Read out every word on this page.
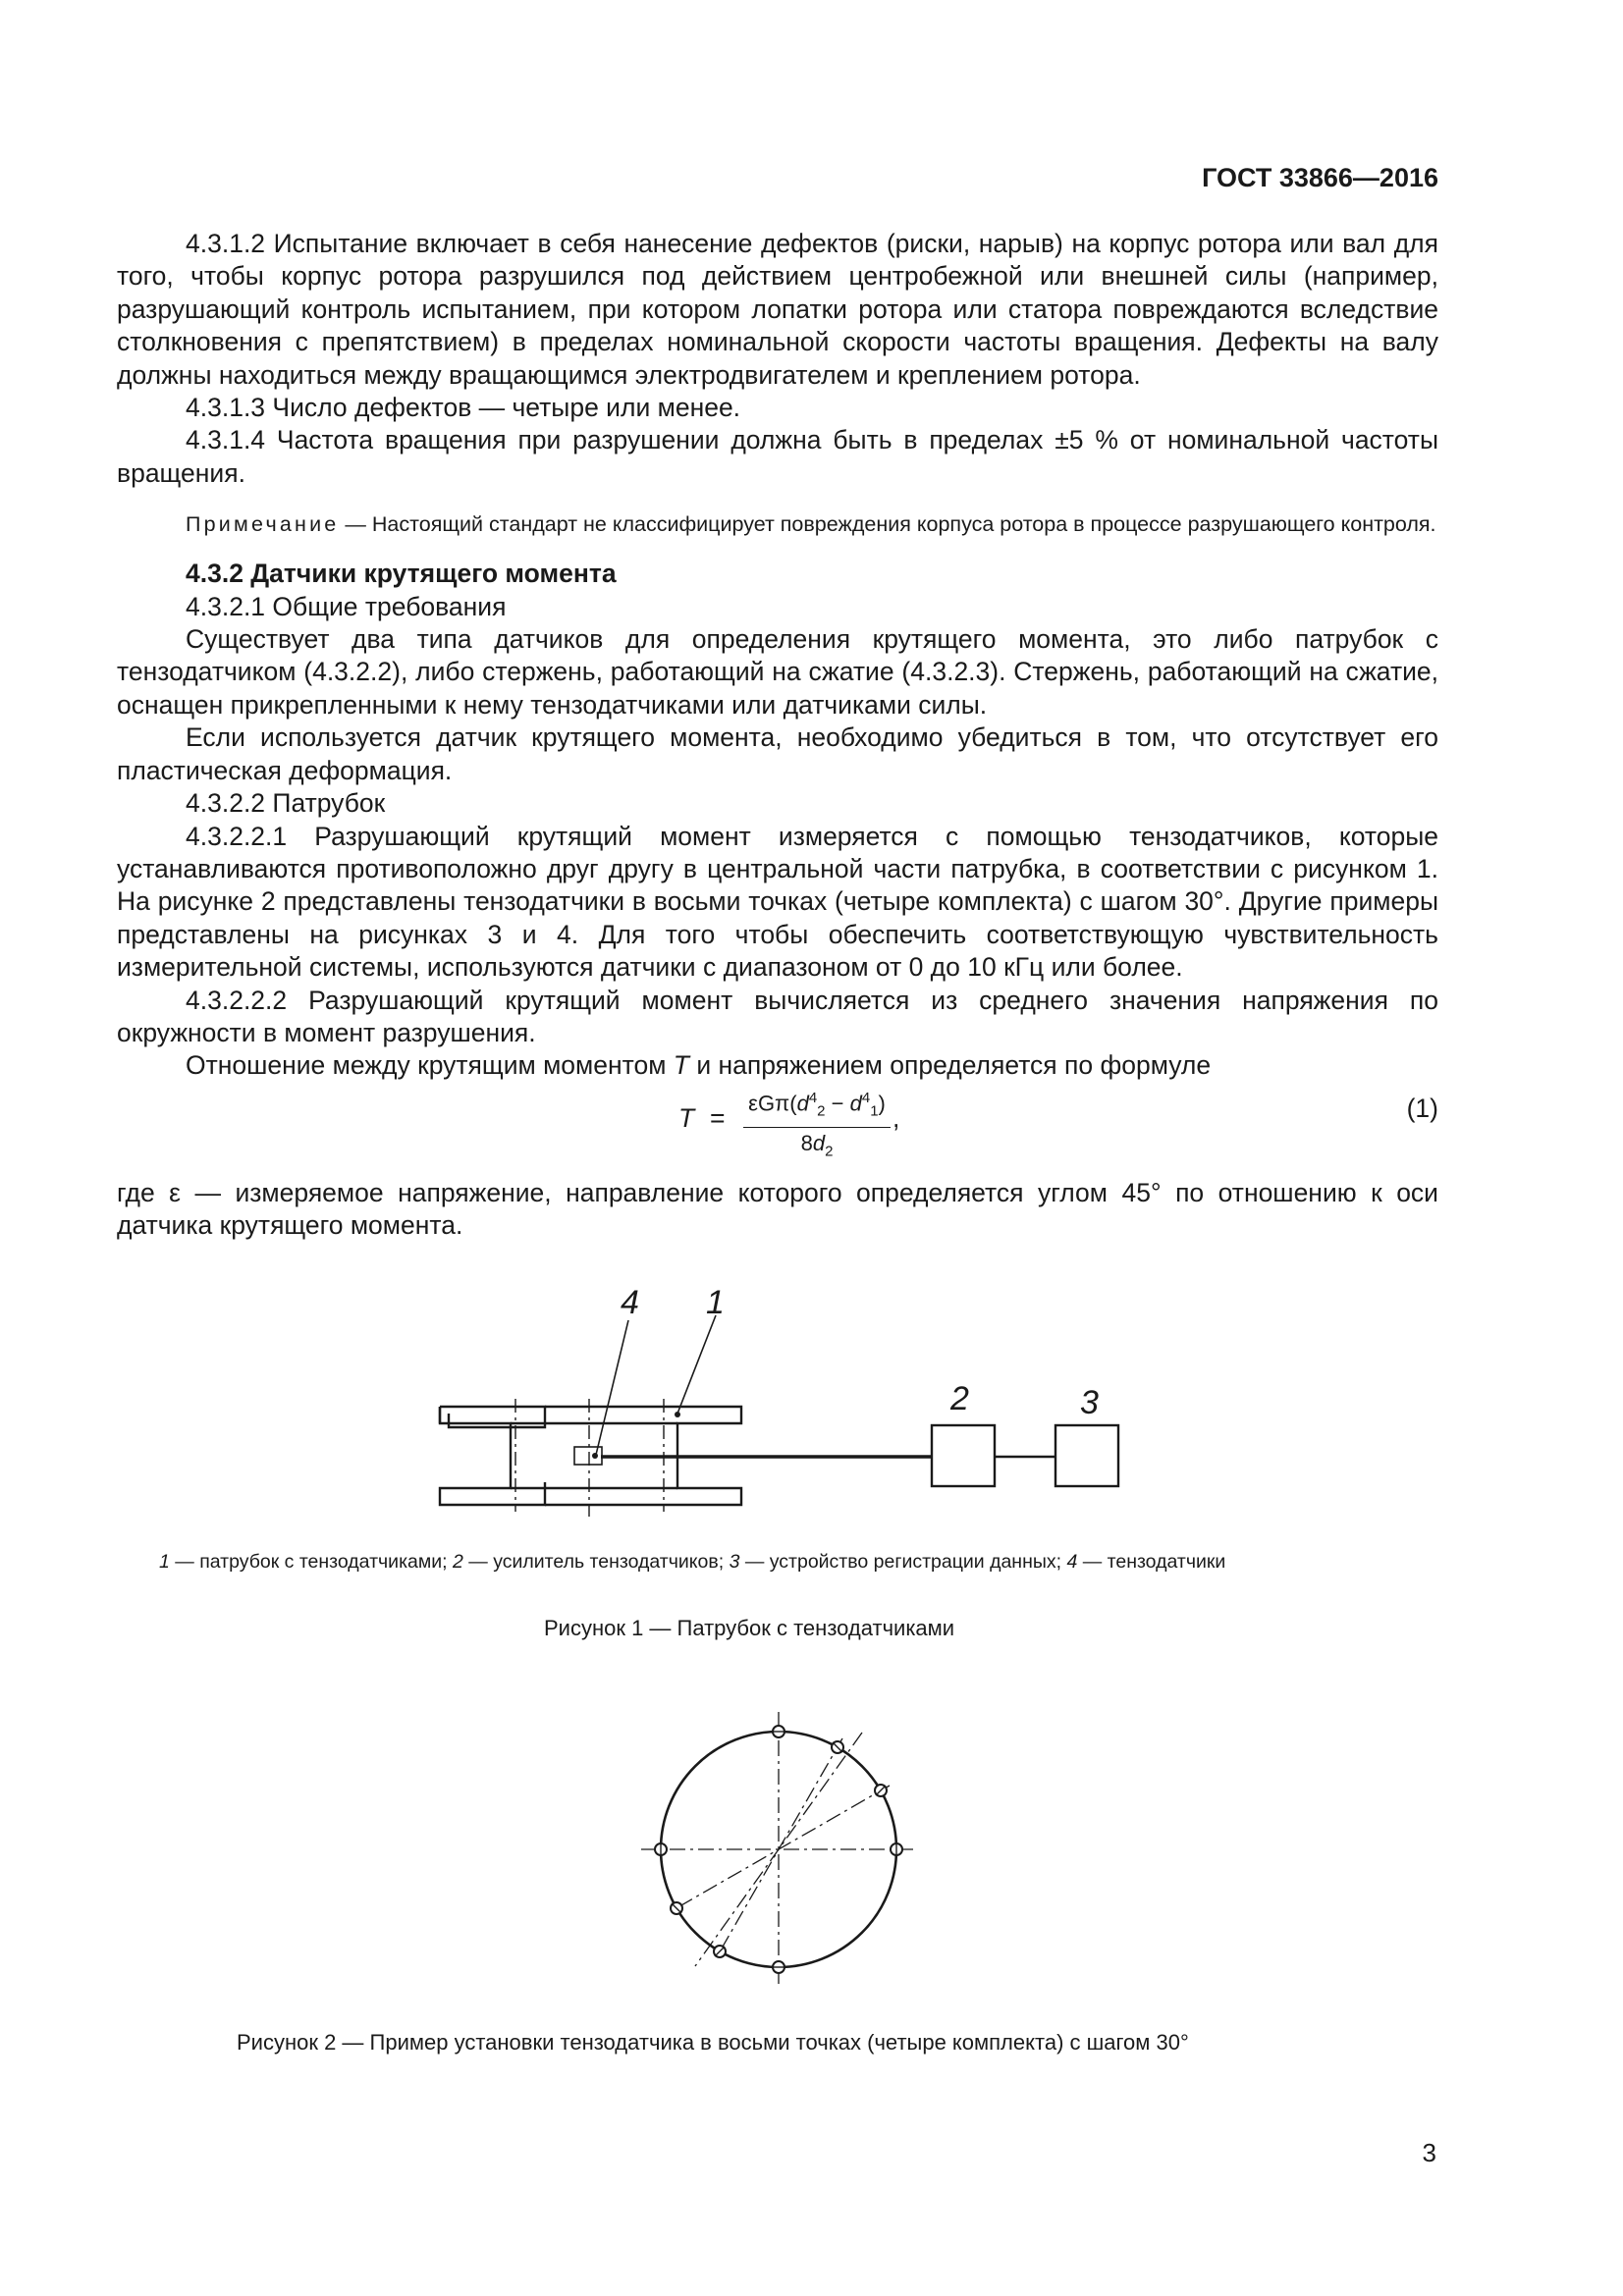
ГОСТ 33866—2016

4.3.1.2 Испытание включает в себя нанесение дефектов (риски, нарыв) на корпус ротора или вал для того, чтобы корпус ротора разрушился под действием центробежной или внешней силы (например, разрушающий контроль испытанием, при котором лопатки ротора или статора повреждаются вследствие столкновения с препятствием) в пределах номинальной скорости частоты вращения. Дефекты на валу должны находиться между вращающимся электродвигателем и креплением ротора.

4.3.1.3 Число дефектов — четыре или менее.

4.3.1.4 Частота вращения при разрушении должна быть в пределах ±5 % от номинальной частоты вращения.

Примечание — Настоящий стандарт не классифицирует повреждения корпуса ротора в процессе разрушающего контроля.

4.3.2 Датчики крутящего момента

4.3.2.1 Общие требования

Существует два типа датчиков для определения крутящего момента, это либо патрубок с тензодатчиком (4.3.2.2), либо стержень, работающий на сжатие (4.3.2.3). Стержень, работающий на сжатие, оснащен прикрепленными к нему тензодатчиками или датчиками силы.

Если используется датчик крутящего момента, необходимо убедиться в том, что отсутствует его пластическая деформация.

4.3.2.2 Патрубок

4.3.2.2.1 Разрушающий крутящий момент измеряется с помощью тензодатчиков, которые устанавливаются противоположно друг другу в центральной части патрубка, в соответствии с рисунком 1. На рисунке 2 представлены тензодатчики в восьми точках (четыре комплекта) с шагом 30°. Другие примеры представлены на рисунках 3 и 4. Для того чтобы обеспечить соответствующую чувствительность измерительной системы, используются датчики с диапазоном от 0 до 10 кГц или более.

4.3.2.2.2 Разрушающий крутящий момент вычисляется из среднего значения напряжения по окружности в момент разрушения.

Отношение между крутящим моментом T и напряжением определяется по формуле

T =
$\varepsilon G\pi(d^4_2 - d^4_1)$
$8d_2$
,	(1)

где ε — измеряемое напряжение, направление которого определяется углом 45° по отношению к оси датчика крутящего момента.

4 1
2	3
1 — патрубок с тензодатчиками; 2 — усилитель тензодатчиков; 3 — устройство регистрации данных; 4 — тензодатчики
Рисунок 1 — Патрубок с тензодатчиками
Рисунок 2 — Пример установки тензодатчика в восьми точках (четыре комплекта) с шагом 30°
3
